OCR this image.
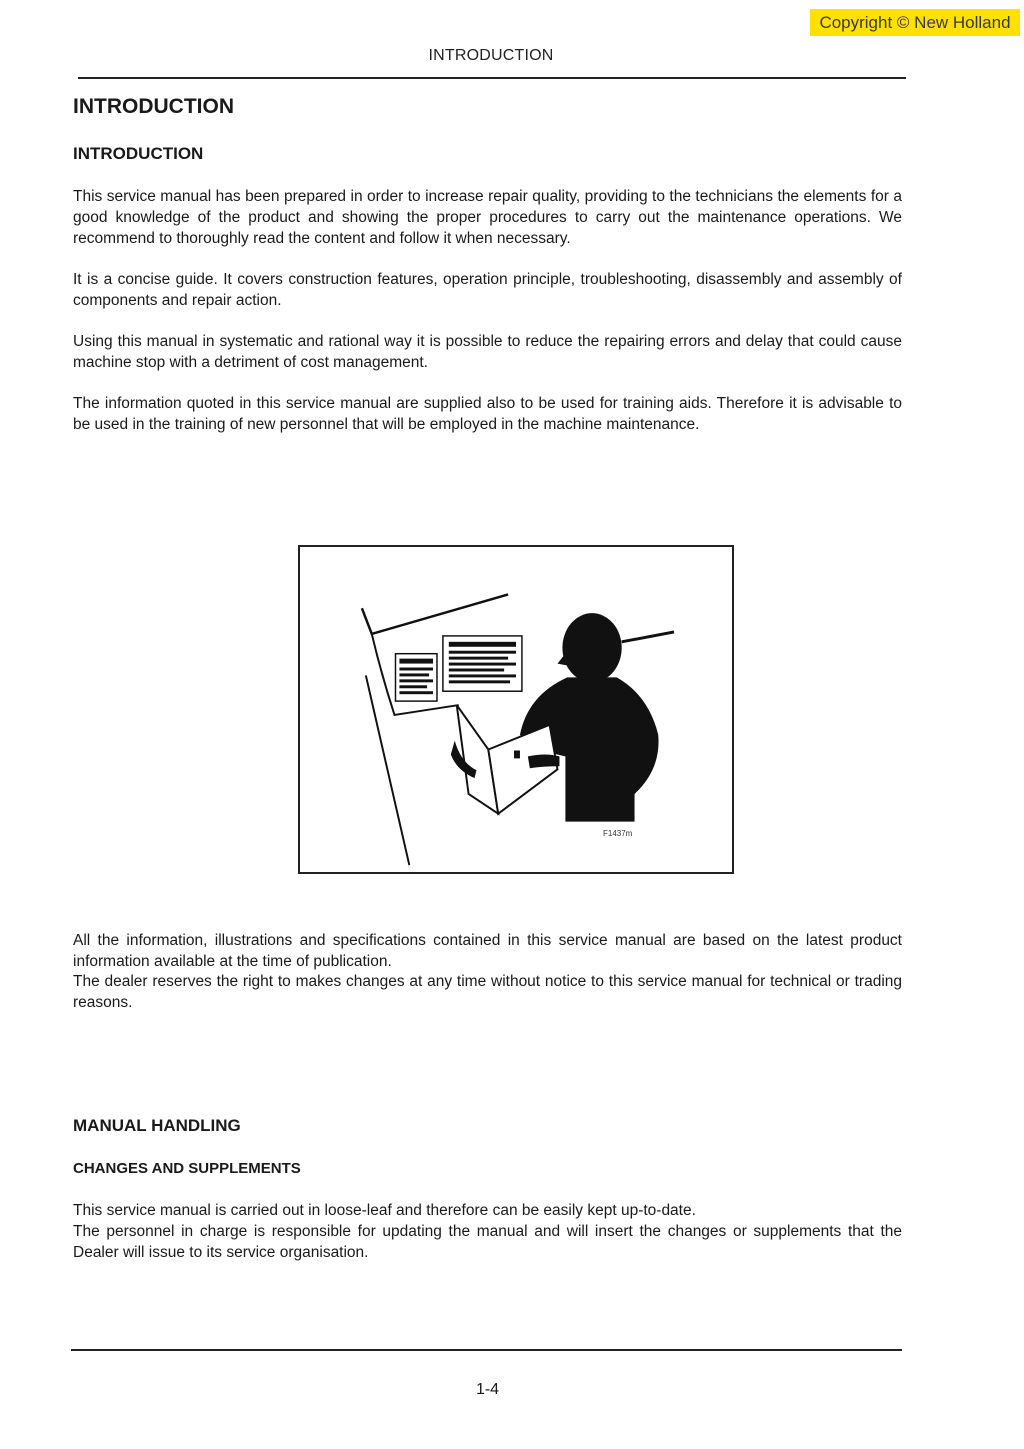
Copyright © New Holland
INTRODUCTION
INTRODUCTION
INTRODUCTION

This service manual has been prepared in order to increase repair quality, providing to the technicians the elements for a good knowledge of the product and showing the proper procedures to carry out the maintenance operations. We recommend to thoroughly read the content and follow it when necessary.

It is a concise guide. It covers construction features, operation principle, troubleshooting, disassembly and assembly of components and repair action.

Using this manual in systematic and rational way it is possible to reduce the repairing errors and delay that could cause machine stop with a detriment of cost management.

The information quoted in this service manual are supplied also to be used for training aids. Therefore it is advisable to be used in the training of new personnel that will be employed in the machine maintenance.

All the information, illustrations and specifications contained in this service manual are based on the latest product information available at the time of publication.

The dealer reserves the right to makes changes at any time without notice to this service manual for technical or trading reasons.

MANUAL HANDLING
CHANGES AND SUPPLEMENTS

This service manual is carried out in loose-leaf and therefore can be easily kept up-to-date.

The personnel in charge is responsible for updating the manual and will insert the changes or supplements that the Dealer will issue to its service organisation.

F1437m
1-4
